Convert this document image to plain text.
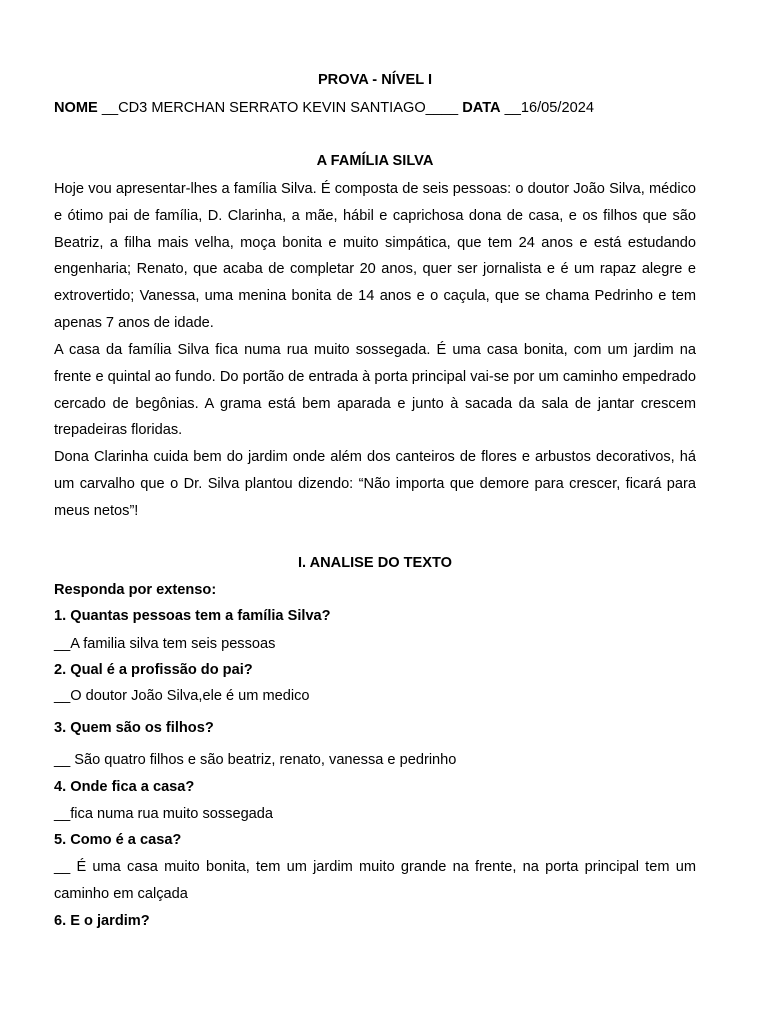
PROVA - NÍVEL I
NOME __CD3 MERCHAN SERRATO KEVIN SANTIAGO____ DATA __16/05/2024
A FAMÍLIA SILVA
Hoje vou apresentar-lhes a família Silva. É composta de seis pessoas: o doutor João Silva, médico e ótimo pai de família, D. Clarinha, a mãe, hábil e caprichosa dona de casa, e os filhos que são Beatriz, a filha mais velha, moça bonita e muito simpática, que tem 24 anos e está estudando engenharia; Renato, que acaba de completar 20 anos, quer ser jornalista e é um rapaz alegre e extrovertido; Vanessa, uma menina bonita de 14 anos e o caçula, que se chama Pedrinho e tem apenas 7 anos de idade.
A casa da família Silva fica numa rua muito sossegada. É uma casa bonita, com um jardim na frente e quintal ao fundo. Do portão de entrada à porta principal vai-se por um caminho empedrado cercado de begônias. A grama está bem aparada e junto à sacada da sala de jantar crescem trepadeiras floridas.
Dona Clarinha cuida bem do jardim onde além dos canteiros de flores e arbustos decorativos, há um carvalho que o Dr. Silva plantou dizendo: “Não importa que demore para crescer, ficará para meus netos”!
I. ANALISE DO TEXTO
Responda por extenso:
1. Quantas pessoas tem a família Silva?
__A familia silva tem seis pessoas
2. Qual é a profissão do pai?
__O doutor João Silva,ele é um medico
3. Quem são os filhos?
__ São quatro filhos e são beatriz, renato, vanessa e pedrinho
4. Onde fica a casa?
__fica numa rua muito sossegada
5. Como é a casa?
__ É uma casa muito bonita, tem um jardim muito grande na frente, na porta principal tem um caminho em calçada
6. E o jardim?
